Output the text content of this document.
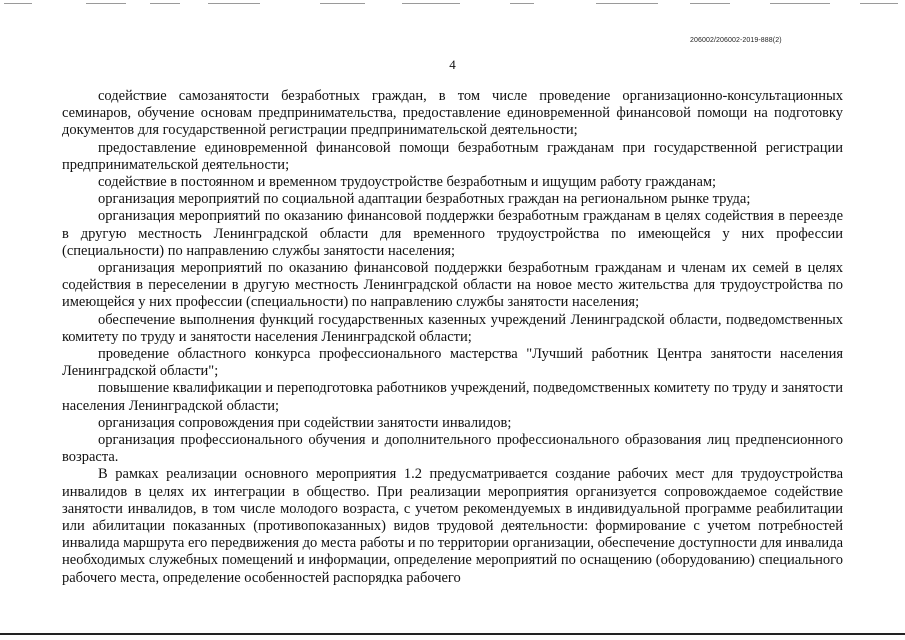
206002/206002-2019-888(2)
4

содействие самозанятости безработных граждан, в том числе проведение организационно-консультационных семинаров, обучение основам предпринимательства, предоставление единовременной финансовой помощи на подготовку документов для государственной регистрации предпринимательской деятельности;

предоставление единовременной финансовой помощи безработным гражданам при государственной регистрации предпринимательской деятельности;

содействие в постоянном и временном трудоустройстве безработным и ищущим работу гражданам;

организация мероприятий по социальной адаптации безработных граждан на региональном рынке труда;

организация мероприятий по оказанию финансовой поддержки безработным гражданам в целях содействия в переезде в другую местность Ленинградской области для временного трудоустройства по имеющейся у них профессии (специальности) по направлению службы занятости населения;

организация мероприятий по оказанию финансовой поддержки безработным гражданам и членам их семей в целях содействия в переселении в другую местность Ленинградской области на новое место жительства для трудоустройства по имеющейся у них профессии (специальности) по направлению службы занятости населения;

обеспечение выполнения функций государственных казенных учреждений Ленинградской области, подведомственных комитету по труду и занятости населения Ленинградской области;

проведение областного конкурса профессионального мастерства "Лучший работник Центра занятости населения Ленинградской области";

повышение квалификации и переподготовка работников учреждений, подведомственных комитету по труду и занятости населения Ленинградской области;

организация сопровождения при содействии занятости инвалидов;

организация профессионального обучения и дополнительного профессионального образования лиц предпенсионного возраста.

В рамках реализации основного мероприятия 1.2 предусматривается создание рабочих мест для трудоустройства инвалидов в целях их интеграции в общество. При реализации мероприятия организуется сопровождаемое содействие занятости инвалидов, в том числе молодого возраста, с учетом рекомендуемых в индивидуальной программе реабилитации или абилитации показанных (противопоказанных) видов трудовой деятельности: формирование с учетом потребностей инвалида маршрута его передвижения до места работы и по территории организации, обеспечение доступности для инвалида необходимых служебных помещений и информации, определение мероприятий по оснащению (оборудованию) специального рабочего места, определение особенностей распорядка рабочего
